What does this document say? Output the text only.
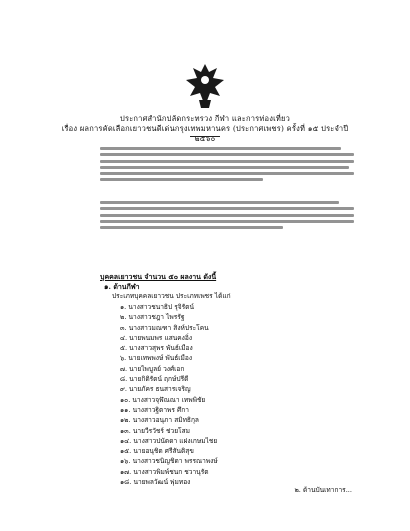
ประกาศสำนักปลัดกระทรวง กีฬา และการท่องเที่ยว
เรื่อง ผลการคัดเลือกเยาวชนดีเด่นกรุงเทพมหานคร (ประกาศเพชร) ครั้งที่ ๑๕ ประจำปี ๒๕๖๐
บุคคลเยาวชน จำนวน ๕๐ ผลงาน ดังนี้
๑. ด้านกีฬา
ประเภทบุคคลเยาวชน ประเภทเพชร ได้แก่
๑. นางสาวชนาธิป รุจิรัตน์
๒. นางสาวชฎา ไพรรัฐ
๓. นางสาวมณฑา สิงห์ประโคน
๔. นายพนมพร แสนคงอิ่ง
๕. นางสาวสุพร พันธ์เมือง
๖. นายเทพพงษ์ พันธ์เมือง
๗. นายไพบูลย์ วงศ์เอก
๘. นายกิติรัตน์ ฤกษ์ปรีดี
๙. นายภัคร ธนสารเจริญ
๑๐. นางสาวจุฬัณณา เทพพิชัย
๑๑. นางสาวฐิตาพร ศึกา
๑๒. นางสาวอนุภา สมิทธิกุล
๑๓. นายวีรวัชร์ ช่วยโสม
๑๔. นางสาวปนัดดา แฝงเกษมไชย
๑๕. นายอนุชิต ศรีสันติสุข
๑๖. นางสาวชนิญชิดา พรรณาพงษ์
๑๗. นางสาวพิมพ์ชนก ชวานุรัต
๑๘. นายพลวัฒน์ พุ่มทอง
๒. ด้านบันเทาการ...
